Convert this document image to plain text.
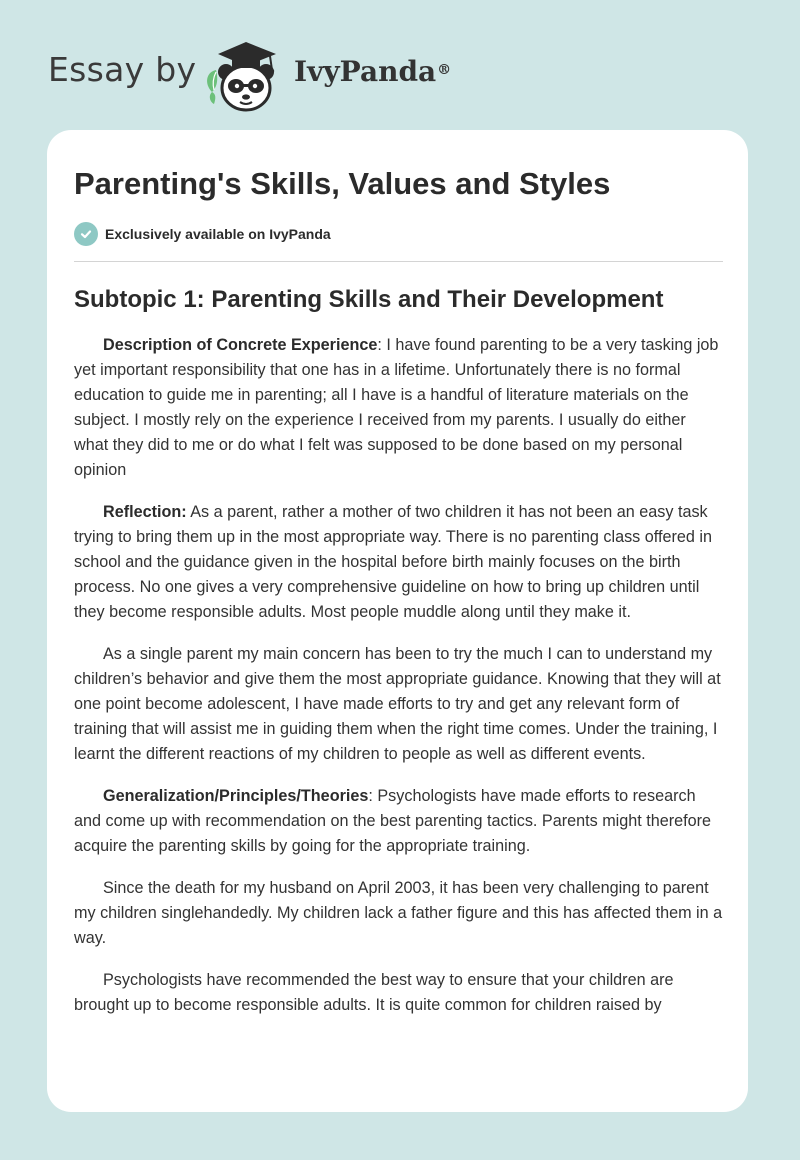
Essay by	IvyPanda®
Parenting's Skills, Values and Styles
Exclusively available on IvyPanda
Subtopic 1: Parenting Skills and Their Development

Description of Concrete Experience: I have found parenting to be a very tasking job yet important responsibility that one has in a lifetime. Unfortunately there is no formal education to guide me in parenting; all I have is a handful of literature materials on the subject. I mostly rely on the experience I received from my parents. I usually do either what they did to me or do what I felt was supposed to be done based on my personal opinion

Reflection: As a parent, rather a mother of two children it has not been an easy task trying to bring them up in the most appropriate way. There is no parenting class offered in school and the guidance given in the hospital before birth mainly focuses on the birth process. No one gives a very comprehensive guideline on how to bring up children until they become responsible adults. Most people muddle along until they make it.

As a single parent my main concern has been to try the much I can to understand my children’s behavior and give them the most appropriate guidance. Knowing that they will at one point become adolescent, I have made efforts to try and get any relevant form of training that will assist me in guiding them when the right time comes. Under the training, I learnt the different reactions of my children to people as well as different events.

Generalization/Principles/Theories: Psychologists have made efforts to research and come up with recommendation on the best parenting tactics. Parents might therefore acquire the parenting skills by going for the appropriate training.

Since the death for my husband on April 2003, it has been very challenging to parent my children singlehandedly. My children lack a father figure and this has affected them in a way.

Psychologists have recommended the best way to ensure that your children are brought up to become responsible adults. It is quite common for children raised by
